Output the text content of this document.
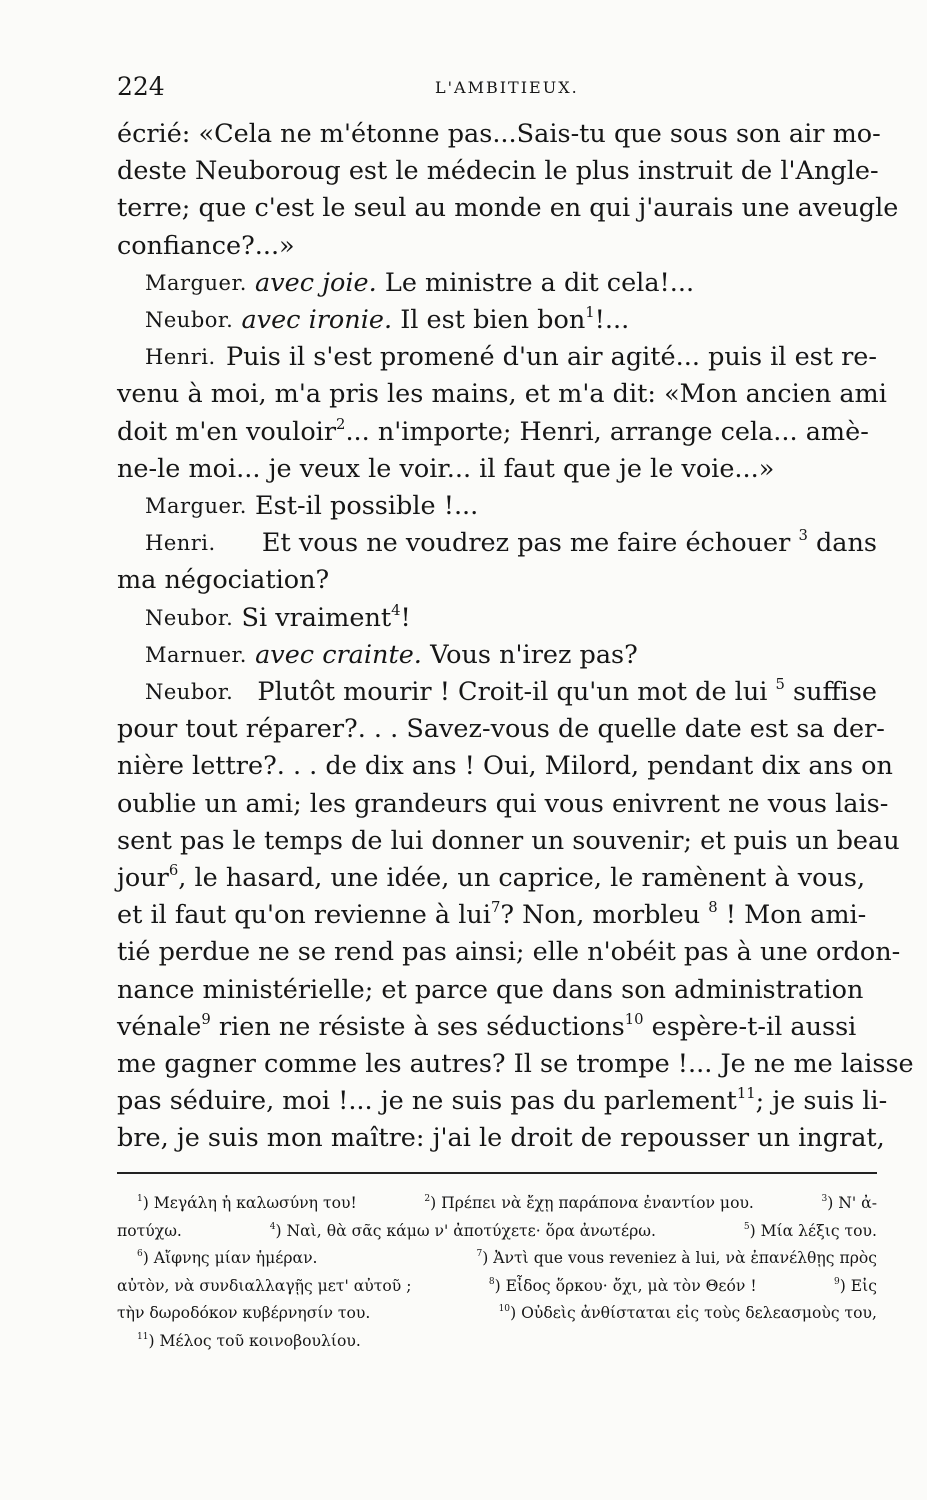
224	L'AMBITIEUX.
écrié: «Cela ne m'étonne pas... Sais-tu que sous son air mo-
deste Neuboroug est le médecin le plus instruit de l'Angle-
terre; que c'est le seul au monde en qui j'aurais une aveugle
confiance?...»
Marguer. avec joie. Le ministre a dit cela!...
Neubor. avec ironie. Il est bien bon$^1$!...
Henri. Puis il s'est promené d'un air agité... puis il est re-
venu à moi, m'a pris les mains, et m'a dit: «Mon ancien ami
doit m'en vouloir$^2$... n'importe; Henri, arrange cela... amè-
ne-le moi... je veux le voir... il faut que je le voie...»
Marguer. Est-il possible !...
Henri. Et vous ne voudrez pas me faire échouer $^3$ dans
ma négociation?
Neubor. Si vraiment$^4$!
Marnuer. avec crainte. Vous n'irez pas?
Neubor. Plutôt mourir ! Croit-il qu'un mot de lui $^5$ suffise
pour tout réparer?. . . Savez-vous de quelle date est sa der-
nière lettre?. . . de dix ans ! Oui, Milord, pendant dix ans on
oublie un ami; les grandeurs qui vous enivrent ne vous lais-
sent pas le temps de lui donner un souvenir; et puis un beau
jour$^6$, le hasard, une idée, un caprice, le ramènent à vous,
et il faut qu'on revienne à lui$^7$? Non, morbleu $^8$ ! Mon ami-
tié perdue ne se rend pas ainsi; elle n'obéit pas à une ordon-
nance ministérielle; et parce que dans son administration
vénale$^9$ rien ne résiste à ses séductions$^{10}$ espère-t-il aussi
me gagner comme les autres? Il se trompe !... Je ne me laisse
pas séduire, moi !... je ne suis pas du parlement$^{11}$; je suis li-
bre, je suis mon maître: j'ai le droit de repousser un ingrat,
$^1$) Μεγάλη ἡ καλωσύνη του!	$^2$) Πρέπει νὰ ἔχῃ παράπονα ἐναντίον μου.	$^3$) Ν' ἀ-
ποτύχω.	$^4$) Ναὶ, θὰ σᾶς κάμω ν' ἀποτύχετε· ὅρα ἀνωτέρω.	$^5$) Μία λέξις του.
$^6$) Αἴφνης μίαν ἡμέραν.	$^7$) Ἀντὶ que vous reveniez à lui, νὰ ἐπανέλθῃς πρὸς
αὐτὸν, νὰ συνδιαλλαγῇς μετ' αὐτοῦ ;	$^8$) Εἶδος ὅρκου· ὄχι, μὰ τὸν Θεόν !	$^9$) Εἰς
τὴν δωροδόκον κυβέρνησίν του.	$^{10}$) Οὐδεὶς ἀνθίσταται εἰς τοὺς δελεασμοὺς του,
$^{11}$) Μέλος τοῦ κοινοβουλίου.
